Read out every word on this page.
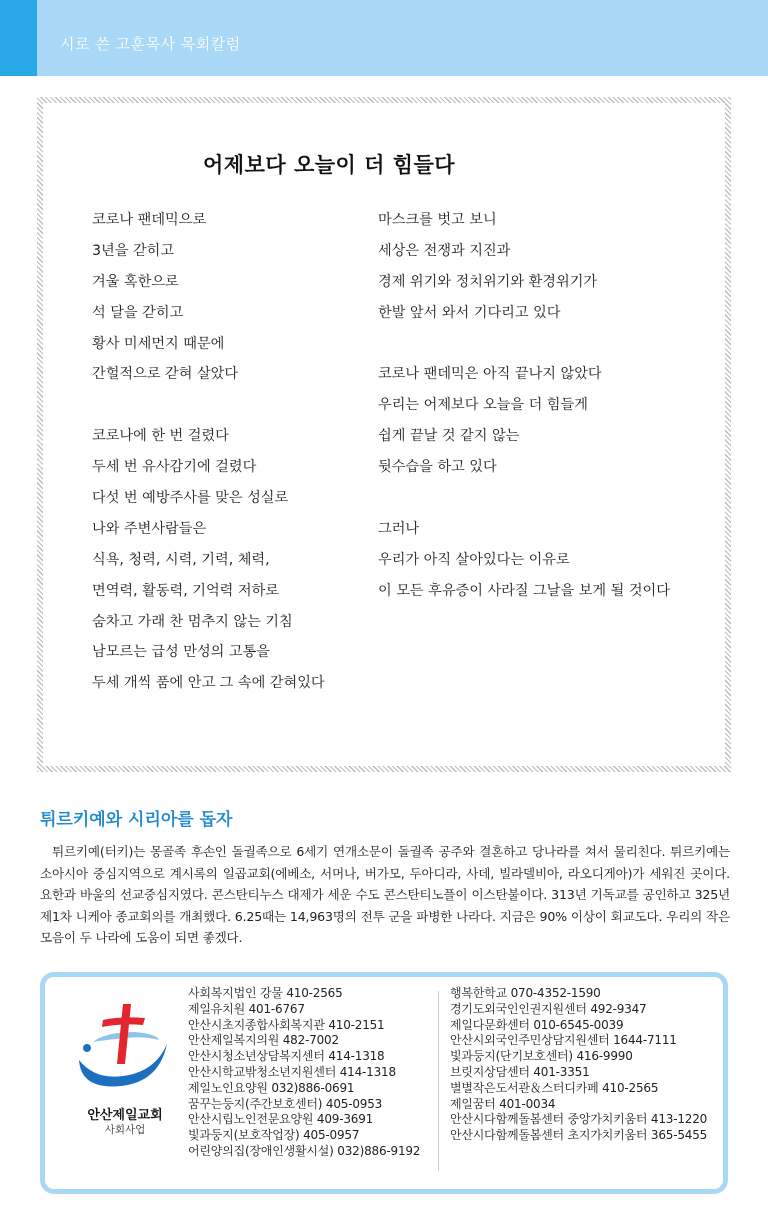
시로 쓴 고훈목사 목회칼럼
어제보다 오늘이 더 힘들다
코로나 팬데믹으로
3년을 갇히고
겨울 혹한으로
석 달을 갇히고
황사 미세먼지 때문에
간헐적으로 갇혀 살았다
코로나에 한 번 걸렸다
두세 번 유사감기에 걸렸다
다섯 번 예방주사를 맞은 성실로
나와 주변사람들은
식욕, 청력, 시력, 기력, 체력,
면역력, 활동력, 기억력 저하로
숨차고 가래 찬 멈추지 않는 기침
남모르는 급성 만성의 고통을
두세 개씩 품에 안고 그 속에 갇혀있다
마스크를 벗고 보니
세상은 전쟁과 지진과
경제 위기와 정치위기와 환경위기가
한발 앞서 와서 기다리고 있다
코로나 팬데믹은 아직 끝나지 않았다
우리는 어제보다 오늘을 더 힘들게
쉽게 끝날 것 같지 않는
뒷수습을 하고 있다
그러나
우리가 아직 살아있다는 이유로
이 모든 후유증이 사라질 그날을 보게 될 것이다
튀르키예와 시리아를 돕자
튀르키예(터키)는 몽골족 후손인 돌궐족으로 6세기 연개소문이 돌궐족 공주와 결혼하고 당나라를 쳐서 물리친다. 튀르키예는 소아시아 중심지역으로 계시록의 일곱교회(에베소, 서머나, 버가모, 두아디라, 사데, 빌라델비아, 라오디게아)가 세워진 곳이다. 요한과 바울의 선교중심지였다. 콘스탄티누스 대제가 세운 수도 콘스탄티노플이 이스탄불이다. 313년 기독교를 공인하고 325년 제1차 니케아 종교회의를 개최했다. 6.25때는 14,963명의 전투 군을 파병한 나라다. 지금은 90% 이상이 회교도다. 우리의 작은 모음이 두 나라에 도움이 되면 좋겠다.
ANSAN JEIL CHURCH
안산제일교회
사회사업
사회복지법인 강물 410-2565
제일유치원 401-6767
안산시초지종합사회복지관 410-2151
안산제일복지의원 482-7002
안산시청소년상담복지센터 414-1318
안산시학교밖청소년지원센터 414-1318
제일노인요양원 032)886-0691
꿈꾸는둥지(주간보호센터) 405-0953
안산시립노인전문요양원 409-3691
빛과둥지(보호작업장) 405-0957
어린양의집(장애인생활시설) 032)886-9192
행복한학교 070-4352-1590
경기도외국인인권지원센터 492-9347
제일다문화센터 010-6545-0039
안산시외국인주민상담지원센터 1644-7111
빛과둥지(단기보호센터) 416-9990
브릿지상담센터 401-3351
별별작은도서관＆스터디카페 410-2565
제일꿈터 401-0034
안산시다함께돌봄센터 중앙가치키움터 413-1220
안산시다함께돌봄센터 초지가치키움터 365-5455
